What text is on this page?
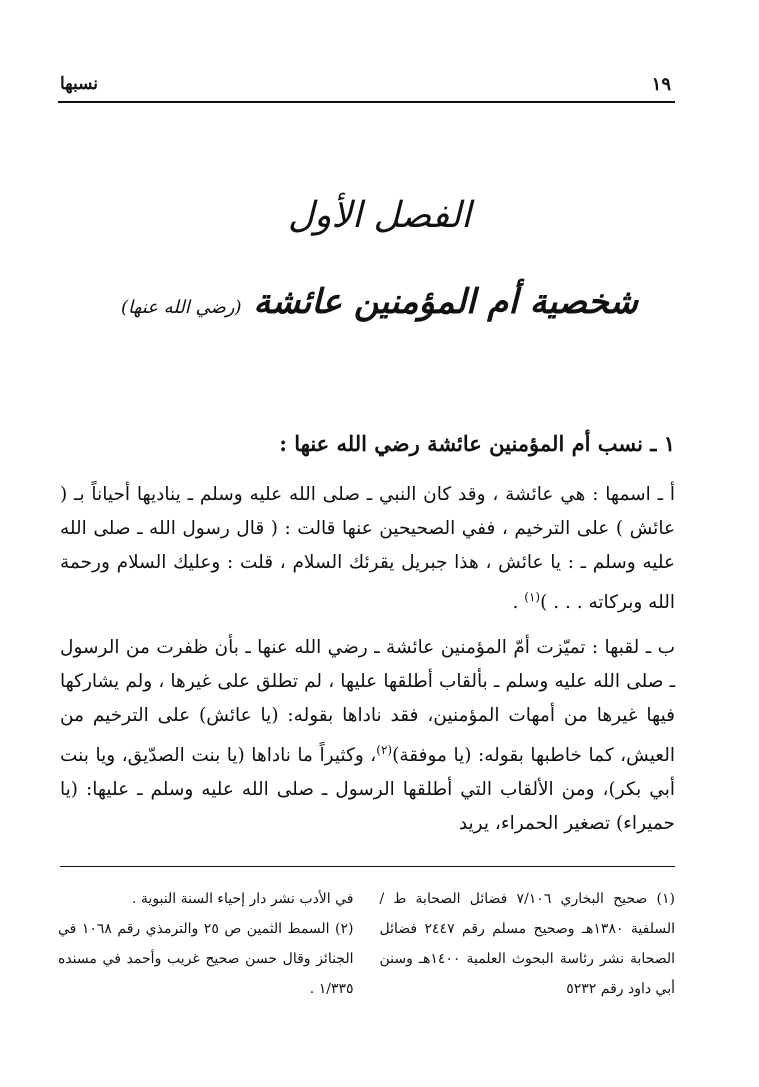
نسبها	١٩
الفصل الأول
شخصية أم المؤمنين عائشة (رضي الله عنها)
١ ـ نسب أم المؤمنين عائشة رضي الله عنها :

أ ـ اسمها : هي عائشة ، وقد كان النبي ـ صلى الله عليه وسلم ـ يناديها أحياناً بـ ( عائش ) على الترخيم ، ففي الصحيحين عنها قالت : ( قال رسول الله ـ صلى الله عليه وسلم ـ : يا عائش ، هذا جبريل يقرئك السلام ، قلت : وعليك السلام ورحمة الله وبركاته . . . )$^{(١)}$ .

ب ـ لقبها : تميّزت أمّ المؤمنين عائشة ـ رضي الله عنها ـ بأن ظفرت من الرسول ـ صلى الله عليه وسلم ـ بألقاب أطلقها عليها ، لم تطلق على غيرها ، ولم يشاركها فيها غيرها من أمهات المؤمنين، فقد ناداها بقوله: (يا عائش) على الترخيم من العيش، كما خاطبها بقوله: (يا موفقة)$^{(٢)}$، وكثيراً ما ناداها (يا بنت الصدّيق، ويا بنت أبي بكر)، ومن الألقاب التي أطلقها الرسول ـ صلى الله عليه وسلم ـ عليها: (يا حميراء) تصغير الحمراء، يريد

في الأدب نشر دار إحياء السنة النبوية .

(٢) السمط الثمين ص ٢٥ والترمذي رقم ١٠٦٨ في الجنائز وقال حسن صحيح غريب وأحمد في مسنده ١/٣٣٥ .

(١) صحيح البخاري ٧/١٠٦ فضائل الصحابة ط / السلفية ١٣٨٠هـ وصحيح مسلم رقم ٢٤٤٧ فضائل الصحابة نشر رئاسة البحوث العلمية ١٤٠٠هـ وسنن أبي داود رقم ٥٢٣٢
